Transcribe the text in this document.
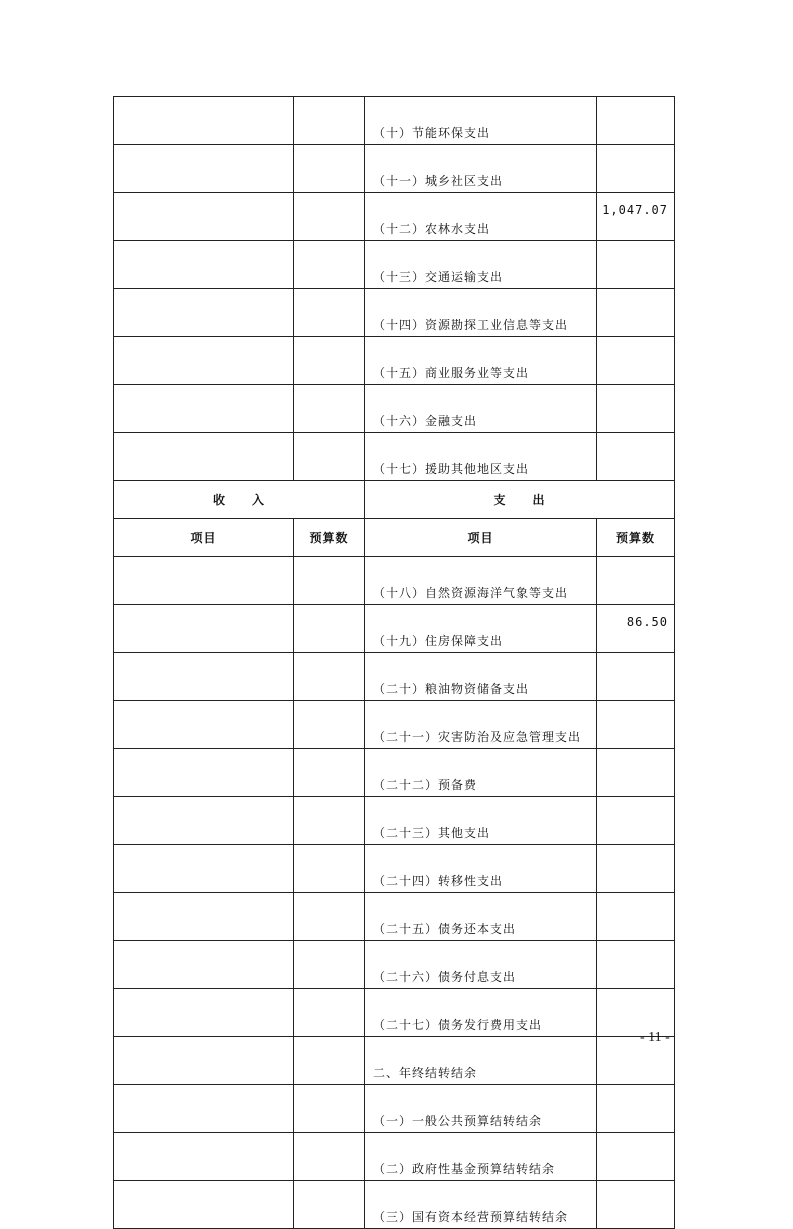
		（十）节能环保支出	
		（十一）城乡社区支出	
		（十二）农林水支出	1,047.07
		（十三）交通运输支出	
		（十四）资源勘探工业信息等支出	
		（十五）商业服务业等支出	
		（十六）金融支出	
		（十七）援助其他地区支出	
收　　入		支　　出	
项目	预算数	项目	预算数
		（十八）自然资源海洋气象等支出	
		（十九）住房保障支出	86.50
		（二十）粮油物资储备支出	
		（二十一）灾害防治及应急管理支出	
		（二十二）预备费	
		（二十三）其他支出	
		（二十四）转移性支出	
		（二十五）债务还本支出	
		（二十六）债务付息支出	
		（二十七）债务发行费用支出	
		二、年终结转结余	
		（一）一般公共预算结转结余	
		（二）政府性基金预算结转结余	
		（三）国有资本经营预算结转结余	
- 11 -
